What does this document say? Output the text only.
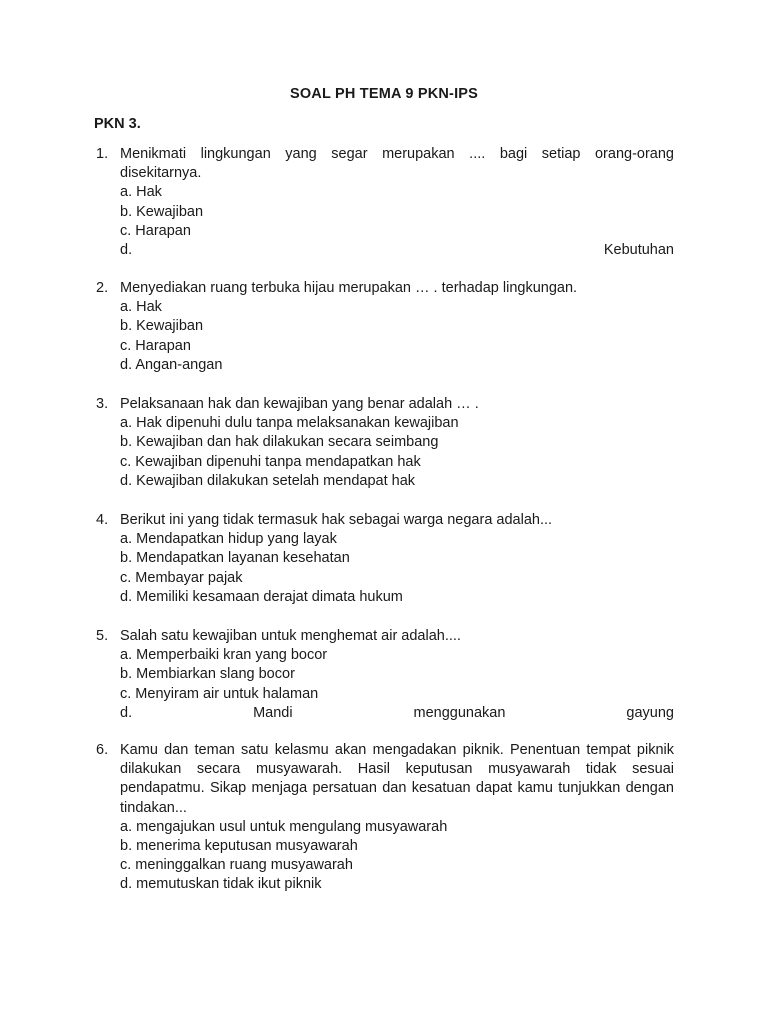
SOAL PH TEMA 9 PKN-IPS
PKN 3.
1. Menikmati lingkungan yang segar merupakan .... bagi setiap orang-orang disekitarnya.
a. Hak
b. Kewajiban
c. Harapan
d.	Kebutuhan
2. Menyediakan ruang terbuka hijau merupakan … . terhadap lingkungan.
a. Hak
b. Kewajiban
c. Harapan
d. Angan-angan
3. Pelaksanaan hak dan kewajiban yang benar adalah … .
a. Hak dipenuhi dulu tanpa melaksanakan kewajiban
b. Kewajiban dan hak dilakukan secara seimbang
c. Kewajiban dipenuhi tanpa mendapatkan hak
d. Kewajiban dilakukan setelah mendapat hak
4. Berikut ini yang tidak termasuk hak sebagai warga negara adalah...
a. Mendapatkan hidup yang layak
b. Mendapatkan layanan kesehatan
c. Membayar pajak
d. Memiliki kesamaan derajat dimata hukum
5. Salah satu kewajiban untuk menghemat air adalah....
a. Memperbaiki kran yang bocor
b. Membiarkan slang bocor
c. Menyiram air untuk halaman
d.	Mandi	menggunakan	gayung
6. Kamu dan teman satu kelasmu akan mengadakan piknik. Penentuan tempat piknik dilakukan secara musyawarah. Hasil keputusan musyawarah tidak sesuai pendapatmu. Sikap menjaga persatuan dan kesatuan dapat kamu tunjukkan dengan tindakan...
a. mengajukan usul untuk mengulang musyawarah
b. menerima keputusan musyawarah
c. meninggalkan ruang musyawarah
d. memutuskan tidak ikut piknik
